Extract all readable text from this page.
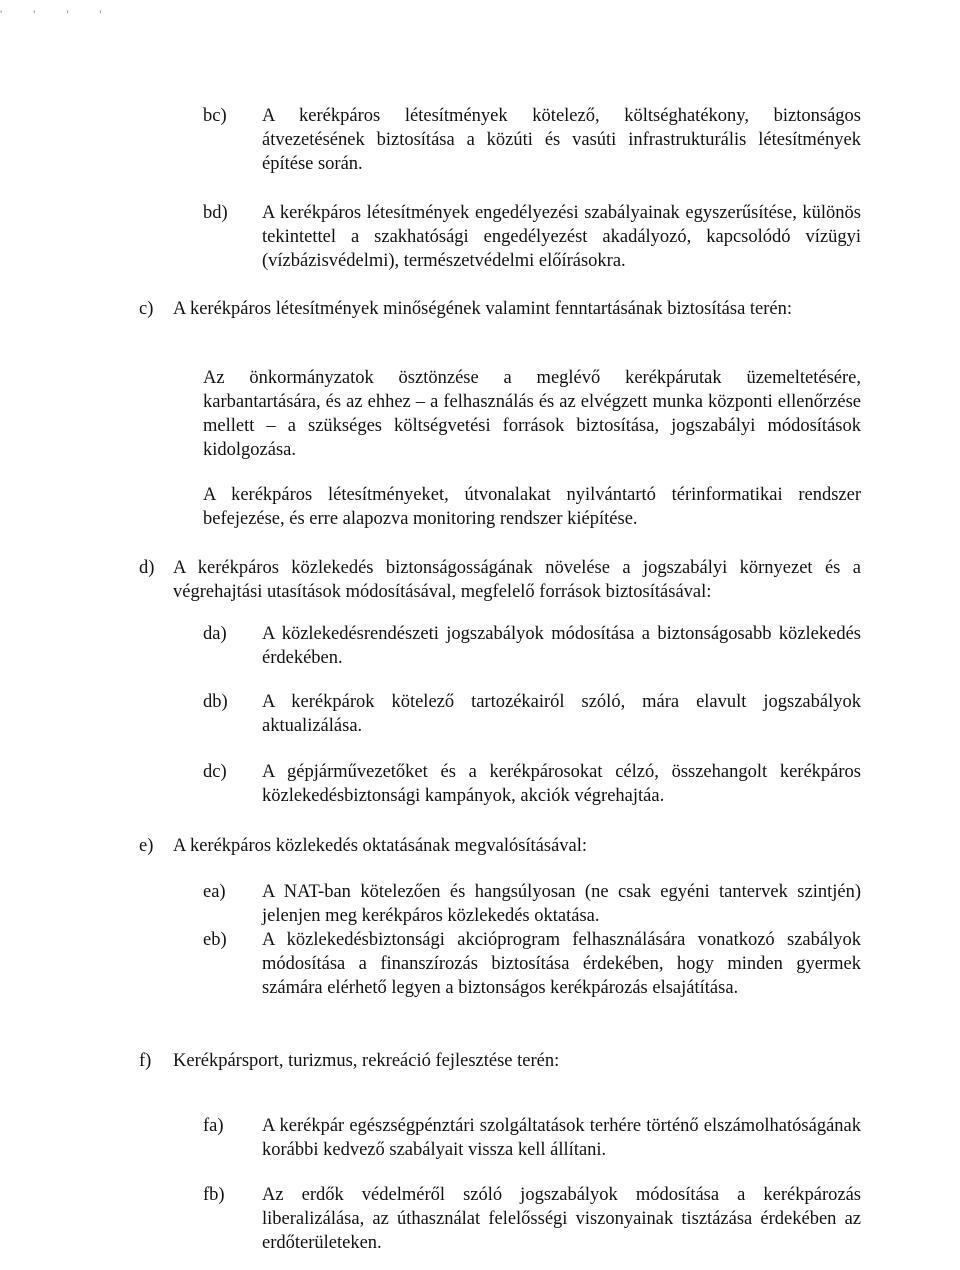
' ' ' '
bc)	A kerékpáros létesítmények kötelező, költséghatékony, biztonságos átvezetésének biztosítása a közúti és vasúti infrastrukturális létesítmények építése során.
bd)	A kerékpáros létesítmények engedélyezési szabályainak egyszerűsítése, különös tekintettel a szakhatósági engedélyezést akadályozó, kapcsolódó vízügyi (vízbázisvédelmi), természetvédelmi előírásokra.
c)	A kerékpáros létesítmények minőségének valamint fenntartásának biztosítása terén:
Az önkormányzatok ösztönzése a meglévő kerékpárutak üzemeltetésére, karbantartására, és az ehhez – a felhasználás és az elvégzett munka központi ellenőrzése mellett – a szükséges költségvetési források biztosítása, jogszabályi módosítások kidolgozása.
A kerékpáros létesítményeket, útvonalakat nyilvántartó térinformatikai rendszer befejezése, és erre alapozva monitoring rendszer kiépítése.
d)	A kerékpáros közlekedés biztonságosságának növelése a jogszabályi környezet és a végrehajtási utasítások módosításával, megfelelő források biztosításával:
da)	A közlekedésrendészeti jogszabályok módosítása a biztonságosabb közlekedés érdekében.
db)	A kerékpárok kötelező tartozékairól szóló, mára elavult jogszabályok aktualizálása.
dc)	A gépjárművezetőket és a kerékpárosokat célzó, összehangolt kerékpáros közlekedésbiztonsági kampányok, akciók végrehajtáa.
e)	A kerékpáros közlekedés oktatásának megvalósításával:
ea)	A NAT-ban kötelezően és hangsúlyosan (ne csak egyéni tantervek szintjén) jelenjen meg kerékpáros közlekedés oktatása.
eb)	A közlekedésbiztonsági akcióprogram felhasználására vonatkozó szabályok módosítása a finanszírozás biztosítása érdekében, hogy minden gyermek számára elérhető legyen a biztonságos kerékpározás elsajátítása.
f)	Kerékpársport, turizmus, rekreáció fejlesztése terén:
fa)	A kerékpár egészségpénztári szolgáltatások terhére történő elszámolhatóságának korábbi kedvező szabályait vissza kell állítani.
fb)	Az erdők védelméről szóló jogszabályok módosítása a kerékpározás liberalizálása, az úthasználat felelősségi viszonyainak tisztázása érdekében az erdőterületeken.
